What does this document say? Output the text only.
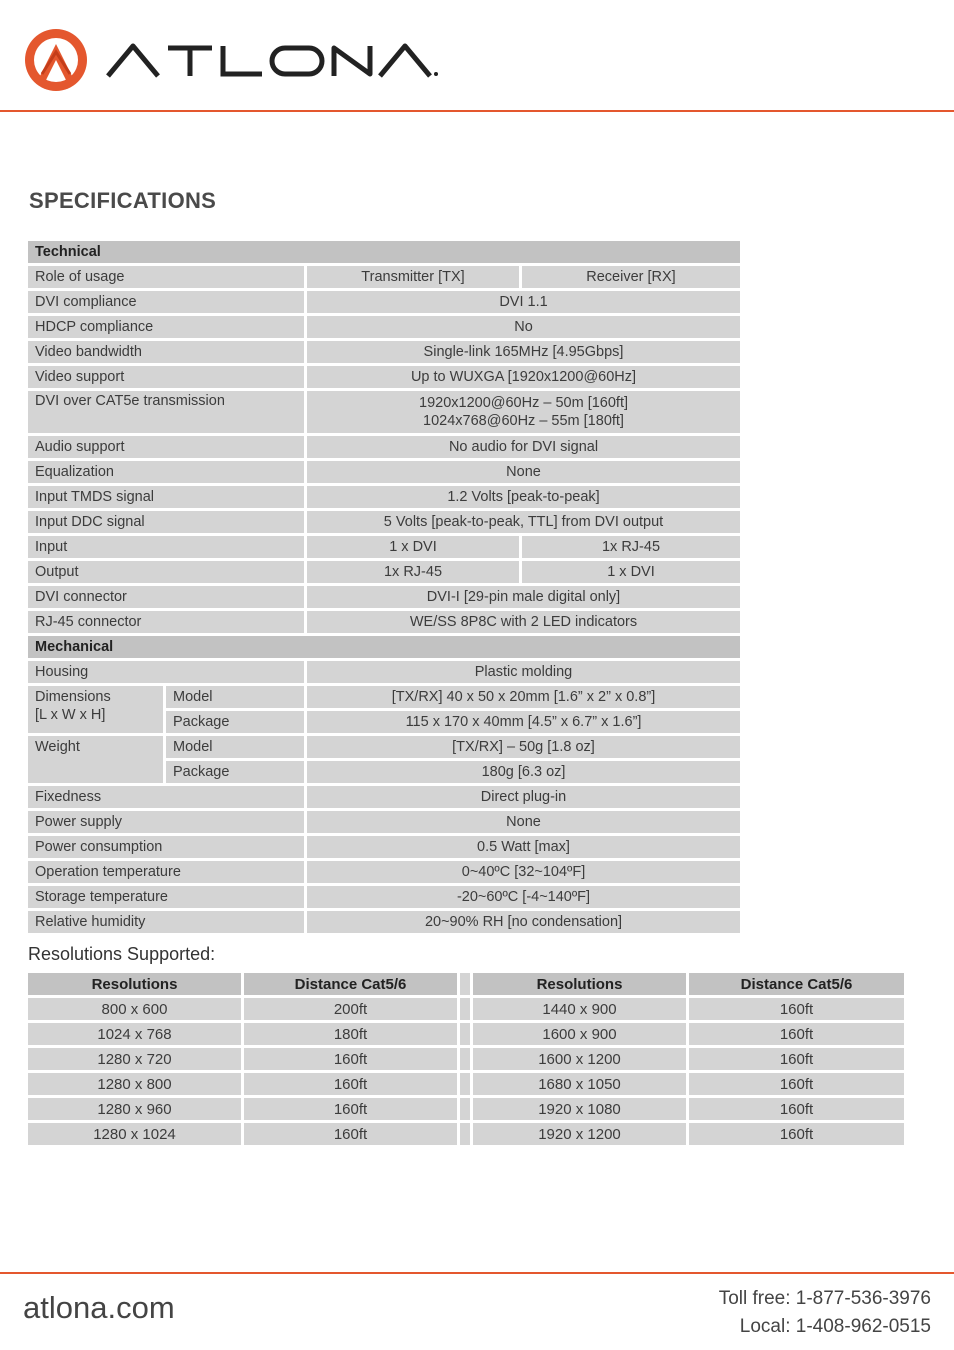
SPECIFICATIONS
Technical			
Role of usage		Transmitter [TX]	Receiver [RX]
DVI compliance		DVI 1.1	
HDCP compliance		No	
Video bandwidth		Single-link 165MHz [4.95Gbps]	
Video support		Up to WUXGA [1920x1200@60Hz]	
DVI over CAT5e transmission		1920x1200@60Hz – 50m [160ft]
1024x768@60Hz – 55m [180ft]	

Audio support		No audio for DVI signal	
Equalization		None	
Input TMDS signal		1.2 Volts [peak-to-peak]	
Input DDC signal		5 Volts [peak-to-peak, TTL] from DVI output	
Input		1 x DVI	1x RJ-45
Output		1x RJ-45	1 x DVI
DVI connector		DVI-I [29-pin male digital only]	
RJ-45 connector		WE/SS 8P8C with 2 LED indicators	
Mechanical			
Housing		Plastic molding	

Dimensions
[L x W x H]	Model	[TX/RX] 40 x 50 x 20mm [1.6” x 2” x 0.8”]	
	Package	115 x 170 x 40mm [4.5” x 6.7” x 1.6”]	
Weight	Model	[TX/RX] – 50g [1.8 oz]	
	Package	180g [6.3 oz]	
Fixedness		Direct plug-in	
Power supply		None	
Power consumption		0.5 Watt [max]	
Operation temperature		0~40ºC [32~104ºF]	
Storage temperature		-20~60ºC [-4~140ºF]	
Relative humidity		20~90% RH [no condensation]	
Resolutions Supported:
Resolutions	Distance Cat5/6		Resolutions	Distance Cat5/6
800 x 600	200ft		1440 x 900	160ft
1024 x 768	180ft		1600 x 900	160ft
1280 x 720	160ft		1600 x 1200	160ft
1280 x 800	160ft		1680 x 1050	160ft
1280 x 960	160ft		1920 x 1080	160ft
1280 x 1024	160ft		1920 x 1200	160ft
atlona.com	Toll free: 1-877-536-3976
Local: 1-408-962-0515
